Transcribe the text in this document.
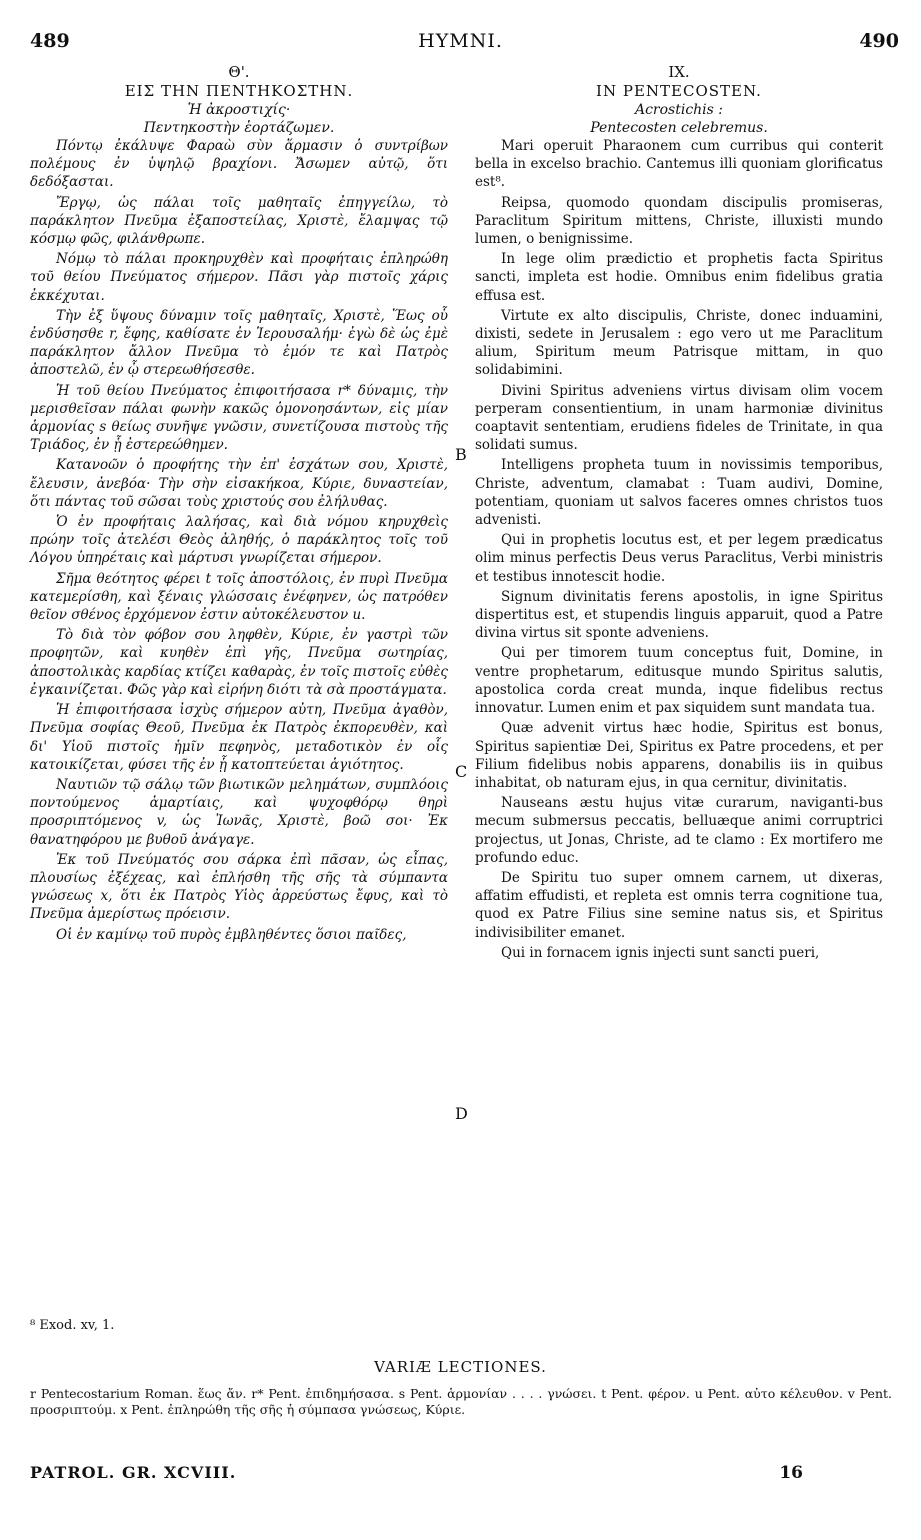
489	ΗΥΜΝΙ.	490
Θ'.
ΕΙΣ ΤΗΝ ΠΕΝΤΗΚΟΣΤΗΝ.
Ἡ ἀκροστιχίς·
Πεντηκοστὴν ἑορτάζωμεν.

Πόντῳ ἐκάλυψε Φαραὼ σὺν ἅρμασιν ὁ συντρίβων πολέμους ἐν ὑψηλῷ βραχίονι. Ἄσωμεν αὐτῷ, ὅτι δεδόξασται.

Ἔργῳ, ὡς πάλαι τοῖς μαθηταῖς ἐπηγγείλω, τὸ παράκλητον Πνεῦμα ἐξαποστείλας, Χριστὲ, ἔλαμψας τῷ κόσμῳ φῶς, φιλάνθρωπε.

Νόμῳ τὸ πάλαι προκηρυχθὲν καὶ προφήταις ἐπληρώθη τοῦ θείου Πνεύματος σήμερον. Πᾶσι γὰρ πιστοῖς χάρις ἐκκέχυται.

Τὴν ἐξ ὕψους δύναμιν τοῖς μαθηταῖς, Χριστὲ, Ἕως οὗ ἐνδύσησθε r, ἔφης, καθίσατε ἐν Ἱερουσαλήμ· ἐγὼ δὲ ὡς ἐμὲ παράκλητον ἄλλον Πνεῦμα τὸ ἐμόν τε καὶ Πατρὸς ἀποστελῶ, ἐν ᾧ στερεωθήσεσθε.

Ἡ τοῦ θείου Πνεύματος ἐπιφοιτήσασα r* δύναμις, τὴν μερισθεῖσαν πάλαι φωνὴν κακῶς ὁμονοησάντων, εἰς μίαν ἁρμονίας s θείως συνῆψε γνῶσιν, συνετίζουσα πιστοὺς τῆς Τριάδος, ἐν ᾗ ἐστερεώθημεν.

Κατανοῶν ὁ προφήτης τὴν ἐπ' ἐσχάτων σου, Χριστὲ, ἔλευσιν, ἀνεβόα· Τὴν σὴν εἰσακήκοα, Κύριε, δυναστείαν, ὅτι πάντας τοῦ σῶσαι τοὺς χριστούς σου ἐλήλυθας.

Ὁ ἐν προφήταις λαλήσας, καὶ διὰ νόμου κηρυχθεὶς πρώην τοῖς ἀτελέσι Θεὸς ἀληθής, ὁ παράκλητος τοῖς τοῦ Λόγου ὑπηρέταις καὶ μάρτυσι γνωρίζεται σήμερον.

Σῆμα θεότητος φέρει t τοῖς ἀποστόλοις, ἐν πυρὶ Πνεῦμα κατεμερίσθη, καὶ ξέναις γλώσσαις ἐνέφηνεν, ὡς πατρόθεν θεῖον σθένος ἐρχόμενον ἐστιν αὐτοκέλευστον u.

Τὸ διὰ τὸν φόβον σου ληφθὲν, Κύριε, ἐν γαστρὶ τῶν προφητῶν, καὶ κυηθὲν ἐπὶ γῆς, Πνεῦμα σωτηρίας, ἀποστολικὰς καρδίας κτίζει καθαρὰς, ἐν τοῖς πιστοῖς εὐθὲς ἐγκαινίζεται. Φῶς γὰρ καὶ εἰρήνη διότι τὰ σὰ προστάγματα.

Ἡ ἐπιφοιτήσασα ἰσχὺς σήμερον αὐτη, Πνεῦμα ἀγαθὸν, Πνεῦμα σοφίας Θεοῦ, Πνεῦμα ἐκ Πατρὸς ἐκπορευθὲν, καὶ δι' Υἱοῦ πιστοῖς ἡμῖν πεφηνὸς, μεταδοτικὸν ἐν οἷς κατοικίζεται, φύσει τῆς ἐν ᾗ κατοπτεύεται ἁγιότητος.

Ναυτιῶν τῷ σάλῳ τῶν βιωτικῶν μελημάτων, συμπλόοις ποντούμενος ἁμαρτίαις, καὶ ψυχοφθόρῳ θηρὶ προσριπτόμενος v, ὡς Ἰωνᾶς, Χριστὲ, βοῶ σοι· Ἐκ θανατηφόρου με βυθοῦ ἀνάγαγε.

Ἐκ τοῦ Πνεύματός σου σάρκα ἐπὶ πᾶσαν, ὡς εἶπας, πλουσίως ἐξέχεας, καὶ ἐπλήσθη τῆς σῆς τὰ σύμπαντα γνώσεως x, ὅτι ἐκ Πατρὸς Υἱὸς ἀρρεύστως ἔφυς, καὶ τὸ Πνεῦμα ἀμερίστως πρόεισιν.

Οἱ ἐν καμίνῳ τοῦ πυρὸς ἐμβληθέντες ὅσιοι παῖδες,

B
C
D
IX.
IN PENTECOSTEN.
Acrostichis :
Pentecosten celebremus.

Mari operuit Pharaonem cum curribus qui conterit bella in excelso brachio. Cantemus illi quoniam glorificatus est⁸.

Reipsa, quomodo quondam discipulis promiseras, Paraclitum Spiritum mittens, Christe, illuxisti mundo lumen, o benignissime.

In lege olim prædictio et prophetis facta Spiritus sancti, impleta est hodie. Omnibus enim fidelibus gratia effusa est.

Virtute ex alto discipulis, Christe, donec induamini, dixisti, sedete in Jerusalem : ego vero ut me Paraclitum alium, Spiritum meum Patrisque mittam, in quo solidabimini.

Divini Spiritus adveniens virtus divisam olim vocem perperam consentientium, in unam harmoniæ divinitus coaptavit sententiam, erudiens fideles de Trinitate, in qua solidati sumus.

Intelligens propheta tuum in novissimis temporibus, Christe, adventum, clamabat : Tuam audivi, Domine, potentiam, quoniam ut salvos faceres omnes christos tuos advenisti.

Qui in prophetis locutus est, et per legem prædicatus olim minus perfectis Deus verus Paraclitus, Verbi ministris et testibus innotescit hodie.

Signum divinitatis ferens apostolis, in igne Spiritus dispertitus est, et stupendis linguis apparuit, quod a Patre divina virtus sit sponte adveniens.

Qui per timorem tuum conceptus fuit, Domine, in ventre prophetarum, editusque mundo Spiritus salutis, apostolica corda creat munda, inque fidelibus rectus innovatur. Lumen enim et pax siquidem sunt mandata tua.

Quæ advenit virtus hæc hodie, Spiritus est bonus, Spiritus sapientiæ Dei, Spiritus ex Patre procedens, et per Filium fidelibus nobis apparens, donabilis iis in quibus inhabitat, ob naturam ejus, in qua cernitur, divinitatis.

Nauseans æstu hujus vitæ curarum, naviganti-bus mecum submersus peccatis, belluæque animi corruptrici projectus, ut Jonas, Christe, ad te clamo : Ex mortifero me profundo educ.

De Spiritu tuo super omnem carnem, ut dixeras, affatim effudisti, et repleta est omnis terra cognitione tua, quod ex Patre Filius sine semine natus sis, et Spiritus indivisibiliter emanet.

Qui in fornacem ignis injecti sunt sancti pueri,

⁸ Exod. xv, 1.
VARIÆ LECTIONES.
r Pentecostarium Roman. ἕως ἄν. r* Pent. ἐπιδημήσασα. s Pent. ἁρμονίαν . . . . γνώσει. t Pent. φέρον. u Pent. αὐτο κέλευθον. v Pent. προσριπτούμ. x Pent. ἐπληρώθη τῆς σῆς ἡ σύμπασα γνώσεως, Κύριε.
PATROL. GR. XCVIII.	16
